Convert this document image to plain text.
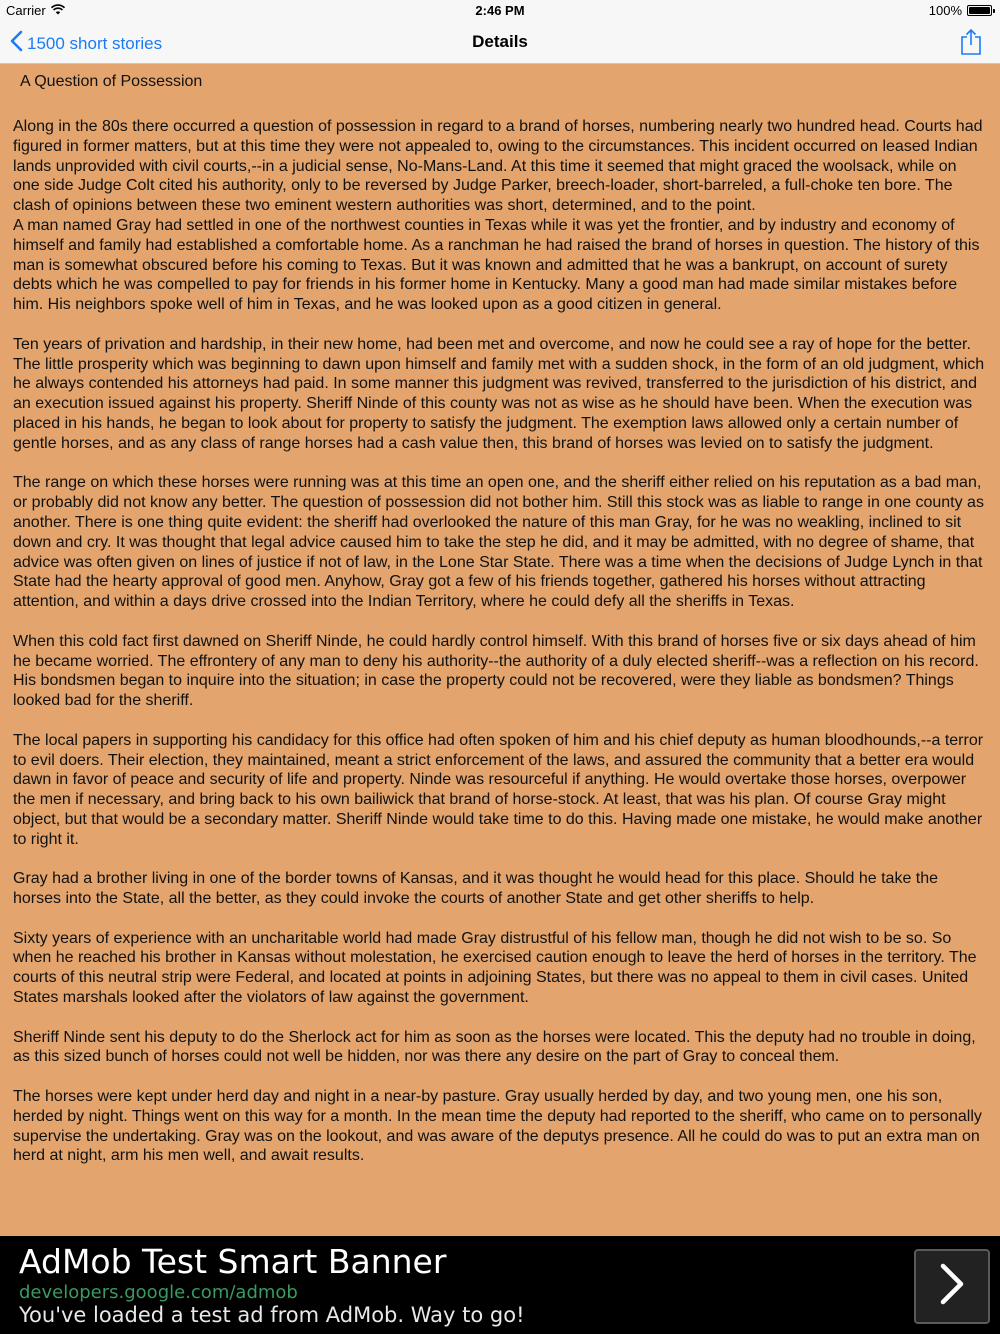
Carrier	2:46 PM	100%
1500 short stories	Details
A Question of Possession

Along in the 80s there occurred a question of possession in regard to a brand of horses, numbering nearly two hundred head. Courts had figured in former matters, but at this time they were not appealed to, owing to the circumstances. This incident occurred on leased Indian lands unprovided with civil courts,--in a judicial sense, No-Mans-Land. At this time it seemed that might graced the woolsack, while on one side Judge Colt cited his authority, only to be reversed by Judge Parker, breech-loader, short-barreled, a full-choke ten bore. The clash of opinions between these two eminent western authorities was short, determined, and to the point.

A man named Gray had settled in one of the northwest counties in Texas while it was yet the frontier, and by industry and economy of himself and family had established a comfortable home. As a ranchman he had raised the brand of horses in question. The history of this man is somewhat obscured before his coming to Texas. But it was known and admitted that he was a bankrupt, on account of surety debts which he was compelled to pay for friends in his former home in Kentucky. Many a good man had made similar mistakes before him. His neighbors spoke well of him in Texas, and he was looked upon as a good citizen in general.

Ten years of privation and hardship, in their new home, had been met and overcome, and now he could see a ray of hope for the better. The little prosperity which was beginning to dawn upon himself and family met with a sudden shock, in the form of an old judgment, which he always contended his attorneys had paid. In some manner this judgment was revived, transferred to the jurisdiction of his district, and an execution issued against his property. Sheriff Ninde of this county was not as wise as he should have been. When the execution was placed in his hands, he began to look about for property to satisfy the judgment. The exemption laws allowed only a certain number of gentle horses, and as any class of range horses had a cash value then, this brand of horses was levied on to satisfy the judgment.

The range on which these horses were running was at this time an open one, and the sheriff either relied on his reputation as a bad man, or probably did not know any better. The question of possession did not bother him. Still this stock was as liable to range in one county as another. There is one thing quite evident: the sheriff had overlooked the nature of this man Gray, for he was no weakling, inclined to sit down and cry. It was thought that legal advice caused him to take the step he did, and it may be admitted, with no degree of shame, that advice was often given on lines of justice if not of law, in the Lone Star State. There was a time when the decisions of Judge Lynch in that State had the hearty approval of good men. Anyhow, Gray got a few of his friends together, gathered his horses without attracting attention, and within a days drive crossed into the Indian Territory, where he could defy all the sheriffs in Texas.

When this cold fact first dawned on Sheriff Ninde, he could hardly control himself. With this brand of horses five or six days ahead of him he became worried. The effrontery of any man to deny his authority--the authority of a duly elected sheriff--was a reflection on his record. His bondsmen began to inquire into the situation; in case the property could not be recovered, were they liable as bondsmen? Things looked bad for the sheriff.

The local papers in supporting his candidacy for this office had often spoken of him and his chief deputy as human bloodhounds,--a terror to evil doers. Their election, they maintained, meant a strict enforcement of the laws, and assured the community that a better era would dawn in favor of peace and security of life and property. Ninde was resourceful if anything. He would overtake those horses, overpower the men if necessary, and bring back to his own bailiwick that brand of horse-stock. At least, that was his plan. Of course Gray might object, but that would be a secondary matter. Sheriff Ninde would take time to do this. Having made one mistake, he would make another to right it.

Gray had a brother living in one of the border towns of Kansas, and it was thought he would head for this place. Should he take the horses into the State, all the better, as they could invoke the courts of another State and get other sheriffs to help.

Sixty years of experience with an uncharitable world had made Gray distrustful of his fellow man, though he did not wish to be so. So when he reached his brother in Kansas without molestation, he exercised caution enough to leave the herd of horses in the territory. The courts of this neutral strip were Federal, and located at points in adjoining States, but there was no appeal to them in civil cases. United States marshals looked after the violators of law against the government.

Sheriff Ninde sent his deputy to do the Sherlock act for him as soon as the horses were located. This the deputy had no trouble in doing, as this sized bunch of horses could not well be hidden, nor was there any desire on the part of Gray to conceal them.

The horses were kept under herd day and night in a near-by pasture. Gray usually herded by day, and two young men, one his son, herded by night. Things went on this way for a month. In the mean time the deputy had reported to the sheriff, who came on to personally supervise the undertaking. Gray was on the lookout, and was aware of the deputys presence. All he could do was to put an extra man on herd at night, arm his men well, and await results.

AdMob Test Smart Banner
developers.google.com/admob
You've loaded a test ad from AdMob. Way to go!
